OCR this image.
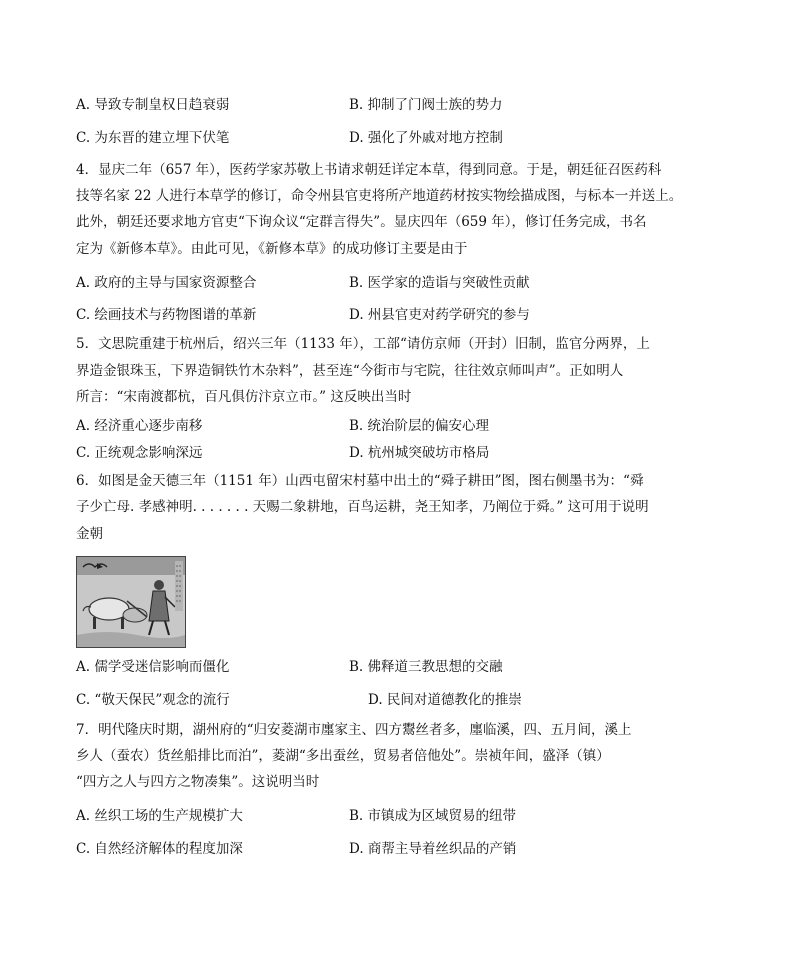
A. 导致专制皇权日趋衰弱	B. 抑制了门阀士族的势力
C. 为东晋的建立埋下伏笔	D. 强化了外戚对地方控制
4．显庆二年（657 年），医药学家苏敬上书请求朝廷详定本草，得到同意。于是，朝廷征召医药科
技等名家 22 人进行本草学的修订，命令州县官吏将所产地道药材按实物绘描成图，与标本一并送上。
此外，朝廷还要求地方官吏“下询众议“定群言得失”。显庆四年（659 年），修订任务完成，书名
定为《新修本草》。由此可见，《新修本草》的成功修订主要是由于
A. 政府的主导与国家资源整合	B. 医学家的造诣与突破性贡献
C. 绘画技术与药物图谱的革新	D. 州县官吏对药学研究的参与
5．文思院重建于杭州后，绍兴三年（1133 年），工部“请仿京师（开封）旧制，监官分两界，上
界造金银珠玉，下界造铜铁竹木杂料”，甚至连“今街市与宅院，往往效京师叫声”。正如明人
所言：“宋南渡都杭，百凡俱仿汴京立市。” 这反映出当时
A. 经济重心逐步南移	B. 统治阶层的偏安心理
C. 正统观念影响深远	D. 杭州城突破坊市格局
6．如图是金天德三年（1151 年）山西屯留宋村墓中出土的“舜子耕田”图，图右侧墨书为：“舜
子少亡母. 孝感神明. . . . . . . 天赐二象耕地，百鸟运耕，尧王知孝，乃阐位于舜。” 这可用于说明
金朝
A. 儒学受迷信影响而僵化	B. 佛释道三教思想的交融
C. “敬天保民”观念的流行	D. 民间对道德教化的推崇
7．明代隆庆时期，湖州府的“归安菱湖市廛家主、四方鬻丝者多，廛临溪，四、五月间，溪上
乡人（蚕农）货丝船排比而泊”，菱湖“多出蚕丝，贸易者倍他处”。崇祯年间，盛泽（镇）
“四方之人与四方之物凑集”。这说明当时
A. 丝织工场的生产规模扩大	B. 市镇成为区域贸易的纽带
C. 自然经济解体的程度加深	D. 商帮主导着丝织品的产销
